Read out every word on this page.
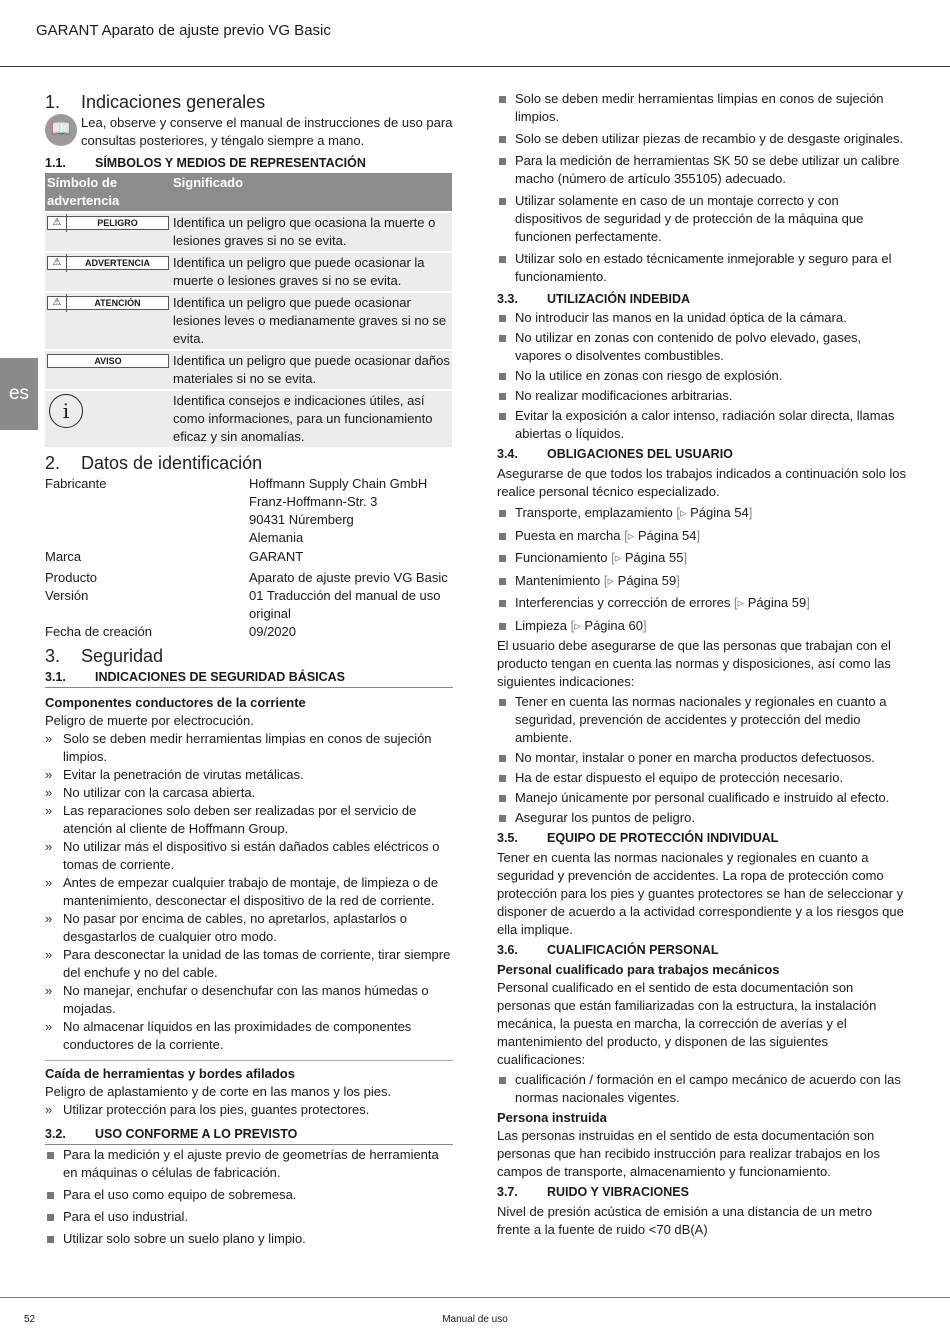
GARANT Aparato de ajuste previo VG Basic
es
1.	Indicaciones generales
📖 Lea, observe y conserve el manual de instrucciones de uso para consultas posteriores, y téngalo siempre a mano.

1.1.	SÍMBOLOS Y MEDIOS DE REPRESENTACIÓN
Símbolo de advertencia	Significado

⚠ PELIGRO	Identifica un peligro que ocasiona la muerte o lesiones graves si no se evita.

⚠ ADVERTENCIA	Identifica un peligro que puede ocasionar la muerte o lesiones graves si no se evita.

⚠ ATENCIÓN	Identifica un peligro que puede ocasionar lesiones leves o medianamente graves si no se evita.

AVISO	Identifica un peligro que puede ocasionar daños materiales si no se evita.

i	Identifica consejos e indicaciones útiles, así como informaciones, para un funcionamiento eficaz y sin anomalías.
2.	Datos de identificación
Fabricante	Hoffmann Supply Chain GmbH
Franz-Hoffmann-Str. 3
90431 Núremberg
Alemania
Marca	GARANT
Producto	Aparato de ajuste previo VG Basic
Versión	01 Traducción del manual de uso original
Fecha de creación	09/2020
3.	Seguridad
3.1.	INDICACIONES DE SEGURIDAD BÁSICAS

Componentes conductores de la corriente

Peligro de muerte por electrocución.

» Solo se deben medir herramientas limpias en conos de sujeción limpios.
» Evitar la penetración de virutas metálicas.
» No utilizar con la carcasa abierta.
» Las reparaciones solo deben ser realizadas por el servicio de atención al cliente de Hoffmann Group.
» No utilizar más el dispositivo si están dañados cables eléctricos o tomas de corriente.
» Antes de empezar cualquier trabajo de montaje, de limpieza o de mantenimiento, desconectar el dispositivo de la red de corriente.
» No pasar por encima de cables, no apretarlos, aplastarlos o desgastarlos de cualquier otro modo.
» Para desconectar la unidad de las tomas de corriente, tirar siempre del enchufe y no del cable.
» No manejar, enchufar o desenchufar con las manos húmedas o mojadas.
» No almacenar líquidos en las proximidades de componentes conductores de la corriente.

Caída de herramientas y bordes afilados

Peligro de aplastamiento y de corte en las manos y los pies.

» Utilizar protección para los pies, guantes protectores.
3.2.	USO CONFORME A LO PREVISTO
Para la medición y el ajuste previo de geometrías de herramienta en máquinas o células de fabricación.
Para el uso como equipo de sobremesa.
Para el uso industrial.
Utilizar solo sobre un suelo plano y limpio.
Solo se deben medir herramientas limpias en conos de sujeción limpios.
Solo se deben utilizar piezas de recambio y de desgaste originales.
Para la medición de herramientas SK 50 se debe utilizar un calibre macho (número de artículo 355105) adecuado.
Utilizar solamente en caso de un montaje correcto y con dispositivos de seguridad y de protección de la máquina que funcionen perfectamente.
Utilizar solo en estado técnicamente inmejorable y seguro para el funcionamiento.
3.3.	UTILIZACIÓN INDEBIDA
No introducir las manos en la unidad óptica de la cámara.
No utilizar en zonas con contenido de polvo elevado, gases, vapores o disolventes combustibles.
No la utilice en zonas con riesgo de explosión.
No realizar modificaciones arbitrarias.
Evitar la exposición a calor intenso, radiación solar directa, llamas abiertas o líquidos.
3.4.	OBLIGACIONES DEL USUARIO

Asegurarse de que todos los trabajos indicados a continuación solo los realice personal técnico especializado.

Transporte, emplazamiento [▹ Página 54]
Puesta en marcha [▹ Página 54]
Funcionamiento [▹ Página 55]
Mantenimiento [▹ Página 59]
Interferencias y corrección de errores [▹ Página 59]
Limpieza [▹ Página 60]

El usuario debe asegurarse de que las personas que trabajan con el producto tengan en cuenta las normas y disposiciones, así como las siguientes indicaciones:

Tener en cuenta las normas nacionales y regionales en cuanto a seguridad, prevención de accidentes y protección del medio ambiente.
No montar, instalar o poner en marcha productos defectuosos.
Ha de estar dispuesto el equipo de protección necesario.
Manejo únicamente por personal cualificado e instruido al efecto.
Asegurar los puntos de peligro.
3.5.	EQUIPO DE PROTECCIÓN INDIVIDUAL

Tener en cuenta las normas nacionales y regionales en cuanto a seguridad y prevención de accidentes. La ropa de protección como protección para los pies y guantes protectores se han de seleccionar y disponer de acuerdo a la actividad correspondiente y a los riesgos que ella implique.

3.6.	CUALIFICACIÓN PERSONAL

Personal cualificado para trabajos mecánicos

Personal cualificado en el sentido de esta documentación son personas que están familiarizadas con la estructura, la instalación mecánica, la puesta en marcha, la corrección de averías y el mantenimiento del producto, y disponen de las siguientes cualificaciones:

cualificación / formación en el campo mecánico de acuerdo con las normas nacionales vigentes.

Persona instruida

Las personas instruidas en el sentido de esta documentación son personas que han recibido instrucción para realizar trabajos en los campos de transporte, almacenamiento y funcionamiento.

3.7.	RUIDO Y VIBRACIONES

Nivel de presión acústica de emisión a una distancia de un metro frente a la fuente de ruido <70 dB(A)

52	Manual de uso
